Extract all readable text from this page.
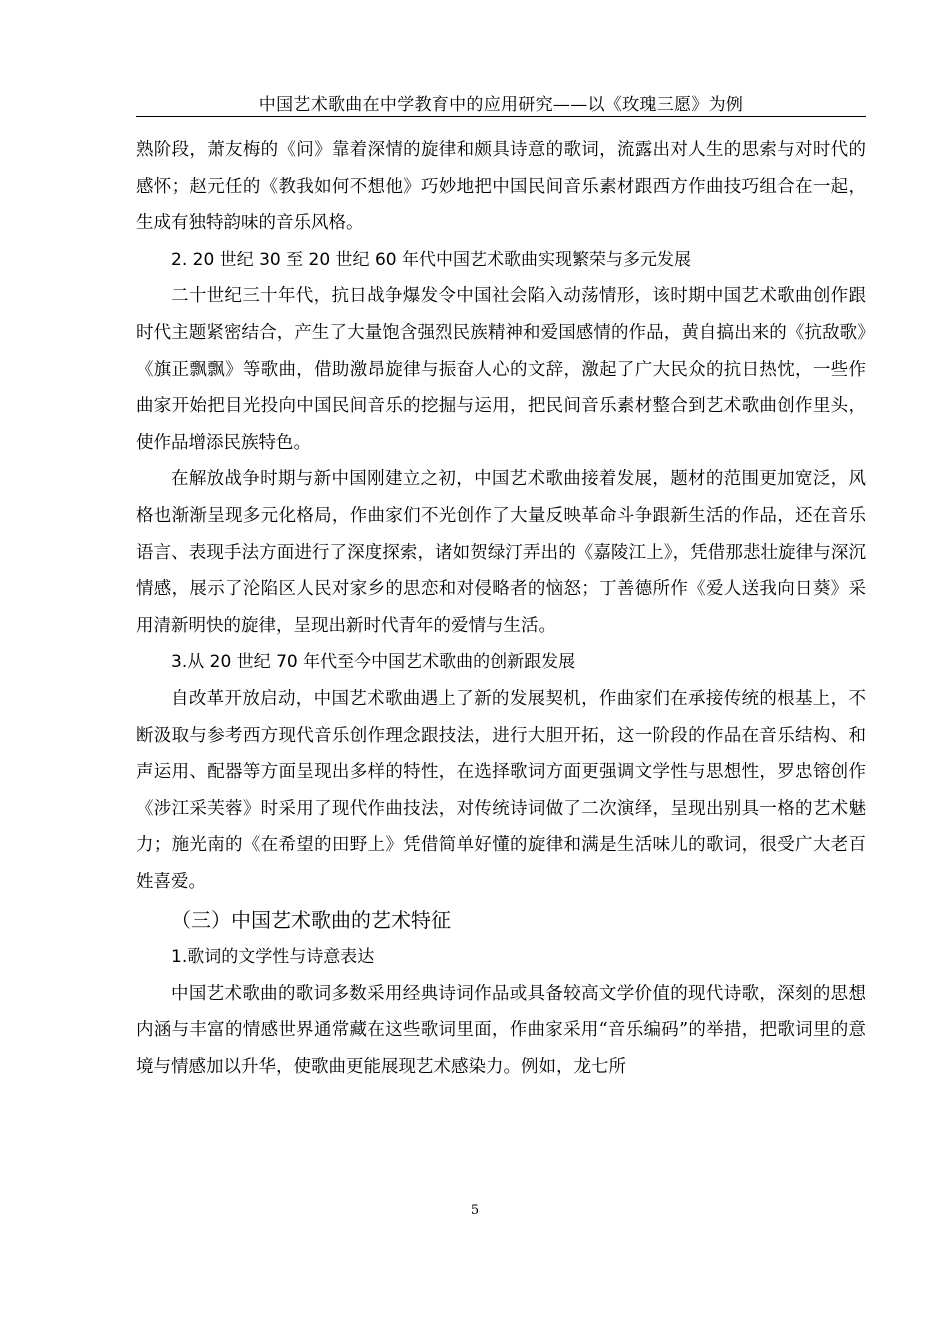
中国艺术歌曲在中学教育中的应用研究——以《玫瑰三愿》为例

熟阶段，萧友梅的《问》靠着深情的旋律和颇具诗意的歌词，流露出对人生的思索与对时代的感怀；赵元任的《教我如何不想他》巧妙地把中国民间音乐素材跟西方作曲技巧组合在一起，生成有独特韵味的音乐风格。

2. 20 世纪 30 至 20 世纪 60 年代中国艺术歌曲实现繁荣与多元发展

二十世纪三十年代，抗日战争爆发令中国社会陷入动荡情形，该时期中国艺术歌曲创作跟时代主题紧密结合，产生了大量饱含强烈民族精神和爱国感情的作品，黄自搞出来的《抗敌歌》《旗正飘飘》等歌曲，借助激昂旋律与振奋人心的文辞，激起了广大民众的抗日热忱，一些作曲家开始把目光投向中国民间音乐的挖掘与运用，把民间音乐素材整合到艺术歌曲创作里头，使作品增添民族特色。

在解放战争时期与新中国刚建立之初，中国艺术歌曲接着发展，题材的范围更加宽泛，风格也渐渐呈现多元化格局，作曲家们不光创作了大量反映革命斗争跟新生活的作品，还在音乐语言、表现手法方面进行了深度探索，诸如贺绿汀弄出的《嘉陵江上》，凭借那悲壮旋律与深沉情感，展示了沦陷区人民对家乡的思恋和对侵略者的恼怒；丁善德所作《爱人送我向日葵》采用清新明快的旋律，呈现出新时代青年的爱情与生活。

3.从 20 世纪 70 年代至今中国艺术歌曲的创新跟发展

自改革开放启动，中国艺术歌曲遇上了新的发展契机，作曲家们在承接传统的根基上，不断汲取与参考西方现代音乐创作理念跟技法，进行大胆开拓，这一阶段的作品在音乐结构、和声运用、配器等方面呈现出多样的特性，在选择歌词方面更强调文学性与思想性，罗忠镕创作《涉江采芙蓉》时采用了现代作曲技法，对传统诗词做了二次演绎，呈现出别具一格的艺术魅力；施光南的《在希望的田野上》凭借简单好懂的旋律和满是生活味儿的歌词，很受广大老百姓喜爱。

（三）中国艺术歌曲的艺术特征

1.歌词的文学性与诗意表达

中国艺术歌曲的歌词多数采用经典诗词作品或具备较高文学价值的现代诗歌，深刻的思想内涵与丰富的情感世界通常藏在这些歌词里面，作曲家采用“音乐编码”的举措，把歌词里的意境与情感加以升华，使歌曲更能展现艺术感染力。例如，龙七所

5
